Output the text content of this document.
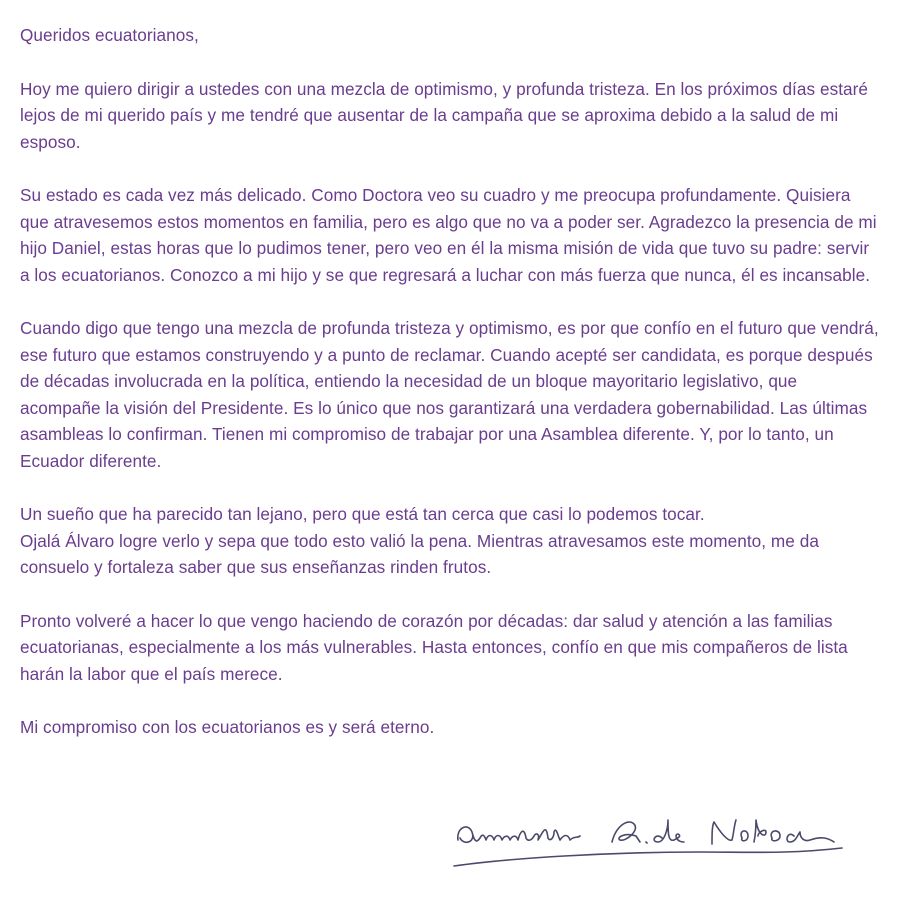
Queridos ecuatorianos,

Hoy me quiero dirigir a ustedes con una mezcla de optimismo, y profunda tristeza. En los próximos días estaré lejos de mi querido país y me tendré que ausentar de la campaña que se aproxima debido a la salud de mi esposo.

Su estado es cada vez más delicado. Como Doctora veo su cuadro y me preocupa profundamente. Quisiera que atravesemos estos momentos en familia, pero es algo que no va a poder ser. Agradezco la presencia de mi hijo Daniel, estas horas que lo pudimos tener, pero veo en él la misma misión de vida que tuvo su padre: servir a los ecuatorianos. Conozco a mi hijo y se que regresará a luchar con más fuerza que nunca, él es incansable.

Cuando digo que tengo una mezcla de profunda tristeza y optimismo, es por que confío en el futuro que vendrá, ese futuro que estamos construyendo y a punto de reclamar. Cuando acepté ser candidata, es porque después de décadas involucrada en la política, entiendo la necesidad de un bloque mayoritario legislativo, que acompañe la visión del Presidente. Es lo único que nos garantizará una verdadera gobernabilidad. Las últimas asambleas lo confirman. Tienen mi compromiso de trabajar por una Asamblea diferente. Y, por lo tanto, un Ecuador diferente.

Un sueño que ha parecido tan lejano, pero que está tan cerca que casi lo podemos tocar.
Ojalá Álvaro logre verlo y sepa que todo esto valió la pena. Mientras atravesamos este momento, me da consuelo y fortaleza saber que sus enseñanzas rinden frutos.

Pronto volveré a hacer lo que vengo haciendo de corazón por décadas: dar salud y atención a las familias ecuatorianas, especialmente a los más vulnerables. Hasta entonces, confío en que mis compañeros de lista harán la labor que el país merece.

Mi compromiso con los ecuatorianos es y será eterno.
